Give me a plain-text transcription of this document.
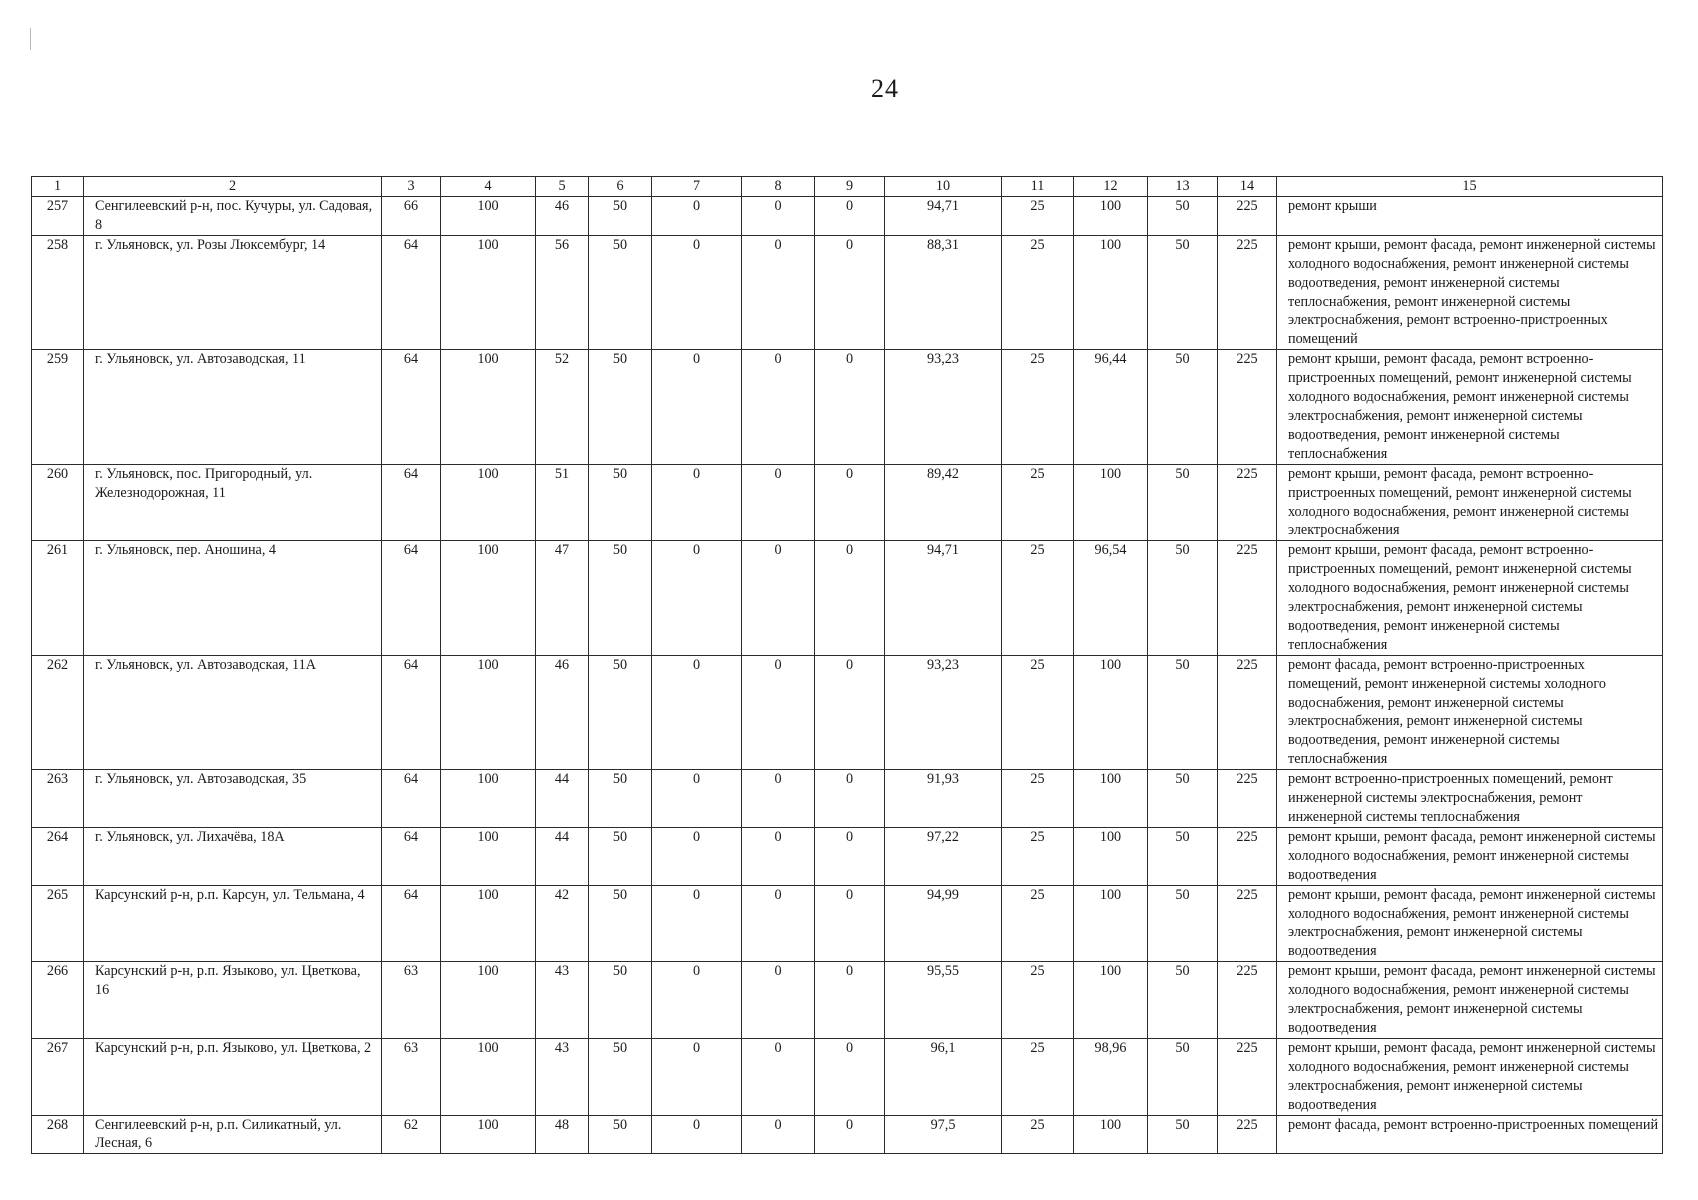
24
1	2	3	4	5	6	7	8	9	10	11	12	13	14	15
257	Сенгилеевский р-н, пос. Кучуры, ул. Садовая, 8	66	100	46	50	0	0	0	94,71	25	100	50	225	ремонт крыши
258	г. Ульяновск, ул. Розы Люксембург, 14	64	100	56	50	0	0	0	88,31	25	100	50	225	ремонт крыши, ремонт фасада, ремонт инженерной системы холодного водоснабжения, ремонт инженерной системы водоотведения, ремонт инженерной системы теплоснабжения, ремонт инженерной системы электроснабжения, ремонт встроенно-пристроенных помещений
259	г. Ульяновск, ул. Автозаводская, 11	64	100	52	50	0	0	0	93,23	25	96,44	50	225	ремонт крыши, ремонт фасада, ремонт встроенно-пристроенных помещений, ремонт инженерной системы холодного водоснабжения, ремонт инженерной системы электроснабжения, ремонт инженерной системы водоотведения, ремонт инженерной системы теплоснабжения
260	г. Ульяновск, пос. Пригородный, ул. Железнодорожная, 11	64	100	51	50	0	0	0	89,42	25	100	50	225	ремонт крыши, ремонт фасада, ремонт встроенно-пристроенных помещений, ремонт инженерной системы холодного водоснабжения, ремонт инженерной системы электроснабжения
261	г. Ульяновск, пер. Аношина, 4	64	100	47	50	0	0	0	94,71	25	96,54	50	225	ремонт крыши, ремонт фасада, ремонт встроенно-пристроенных помещений, ремонт инженерной системы холодного водоснабжения, ремонт инженерной системы электроснабжения, ремонт инженерной системы водоотведения, ремонт инженерной системы теплоснабжения
262	г. Ульяновск, ул. Автозаводская, 11А	64	100	46	50	0	0	0	93,23	25	100	50	225	ремонт фасада, ремонт встроенно-пристроенных помещений, ремонт инженерной системы холодного водоснабжения, ремонт инженерной системы электроснабжения, ремонт инженерной системы водоотведения, ремонт инженерной системы теплоснабжения
263	г. Ульяновск, ул. Автозаводская, 35	64	100	44	50	0	0	0	91,93	25	100	50	225	ремонт встроенно-пристроенных помещений, ремонт инженерной системы электроснабжения, ремонт инженерной системы теплоснабжения
264	г. Ульяновск, ул. Лихачёва, 18А	64	100	44	50	0	0	0	97,22	25	100	50	225	ремонт крыши, ремонт фасада, ремонт инженерной системы холодного водоснабжения, ремонт инженерной системы водоотведения
265	Карсунский р-н, р.п. Карсун, ул. Тельмана, 4	64	100	42	50	0	0	0	94,99	25	100	50	225	ремонт крыши, ремонт фасада, ремонт инженерной системы холодного водоснабжения, ремонт инженерной системы электроснабжения, ремонт инженерной системы водоотведения
266	Карсунский р-н, р.п. Языково, ул. Цветкова, 16	63	100	43	50	0	0	0	95,55	25	100	50	225	ремонт крыши, ремонт фасада, ремонт инженерной системы холодного водоснабжения, ремонт инженерной системы электроснабжения, ремонт инженерной системы водоотведения
267	Карсунский р-н, р.п. Языково, ул. Цветкова, 2	63	100	43	50	0	0	0	96,1	25	98,96	50	225	ремонт крыши, ремонт фасада, ремонт инженерной системы холодного водоснабжения, ремонт инженерной системы электроснабжения, ремонт инженерной системы водоотведения
268	Сенгилеевский р-н, р.п. Силикатный, ул. Лесная, 6	62	100	48	50	0	0	0	97,5	25	100	50	225	ремонт фасада, ремонт встроенно-пристроенных помещений
